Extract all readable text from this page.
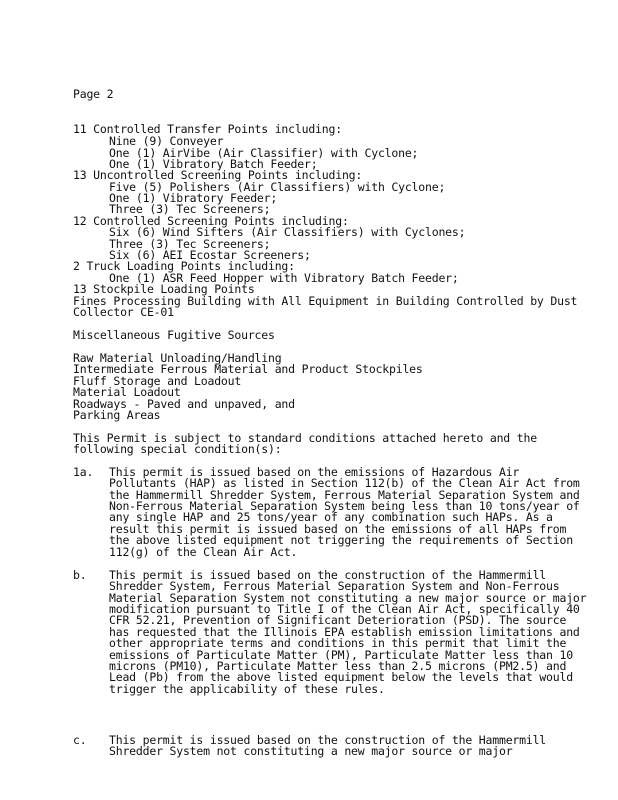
Page 2
11 Controlled Transfer Points including:
Nine (9) Conveyer
One (1) AirVibe (Air Classifier) with Cyclone;
One (1) Vibratory Batch Feeder;
13 Uncontrolled Screening Points including:
Five (5) Polishers (Air Classifiers) with Cyclone;
One (1) Vibratory Feeder;
Three (3) Tec Screeners;
12 Controlled Screening Points including:
Six (6) Wind Sifters (Air Classifiers) with Cyclones;
Three (3) Tec Screeners;
Six (6) AEI Ecostar Screeners;
2 Truck Loading Points including:
One (1) ASR Feed Hopper with Vibratory Batch Feeder;
13 Stockpile Loading Points
Fines Processing Building with All Equipment in Building Controlled by Dust
Collector CE-01
Miscellaneous Fugitive Sources
Raw Material Unloading/Handling
Intermediate Ferrous Material and Product Stockpiles
Fluff Storage and Loadout
Material Loadout
Roadways - Paved and unpaved, and
Parking Areas
This Permit is subject to standard conditions attached hereto and the
following special condition(s):
1a. This permit is issued based on the emissions of Hazardous Air
Pollutants (HAP) as listed in Section 112(b) of the Clean Air Act from
the Hammermill Shredder System, Ferrous Material Separation System and
Non-Ferrous Material Separation System being less than 10 tons/year of
any single HAP and 25 tons/year of any combination such HAPs. As a
result this permit is issued based on the emissions of all HAPs from
the above listed equipment not triggering the requirements of Section
112(g) of the Clean Air Act.
b. This permit is issued based on the construction of the Hammermill
Shredder System, Ferrous Material Separation System and Non-Ferrous
Material Separation System not constituting a new major source or major
modification pursuant to Title I of the Clean Air Act, specifically 40
CFR 52.21, Prevention of Significant Deterioration (PSD). The source
has requested that the Illinois EPA establish emission limitations and
other appropriate terms and conditions in this permit that limit the
emissions of Particulate Matter (PM), Particulate Matter less than 10
microns (PM10), Particulate Matter less than 2.5 microns (PM2.5) and
Lead (Pb) from the above listed equipment below the levels that would
trigger the applicability of these rules.
c. This permit is issued based on the construction of the Hammermill
Shredder System not constituting a new major source or major
